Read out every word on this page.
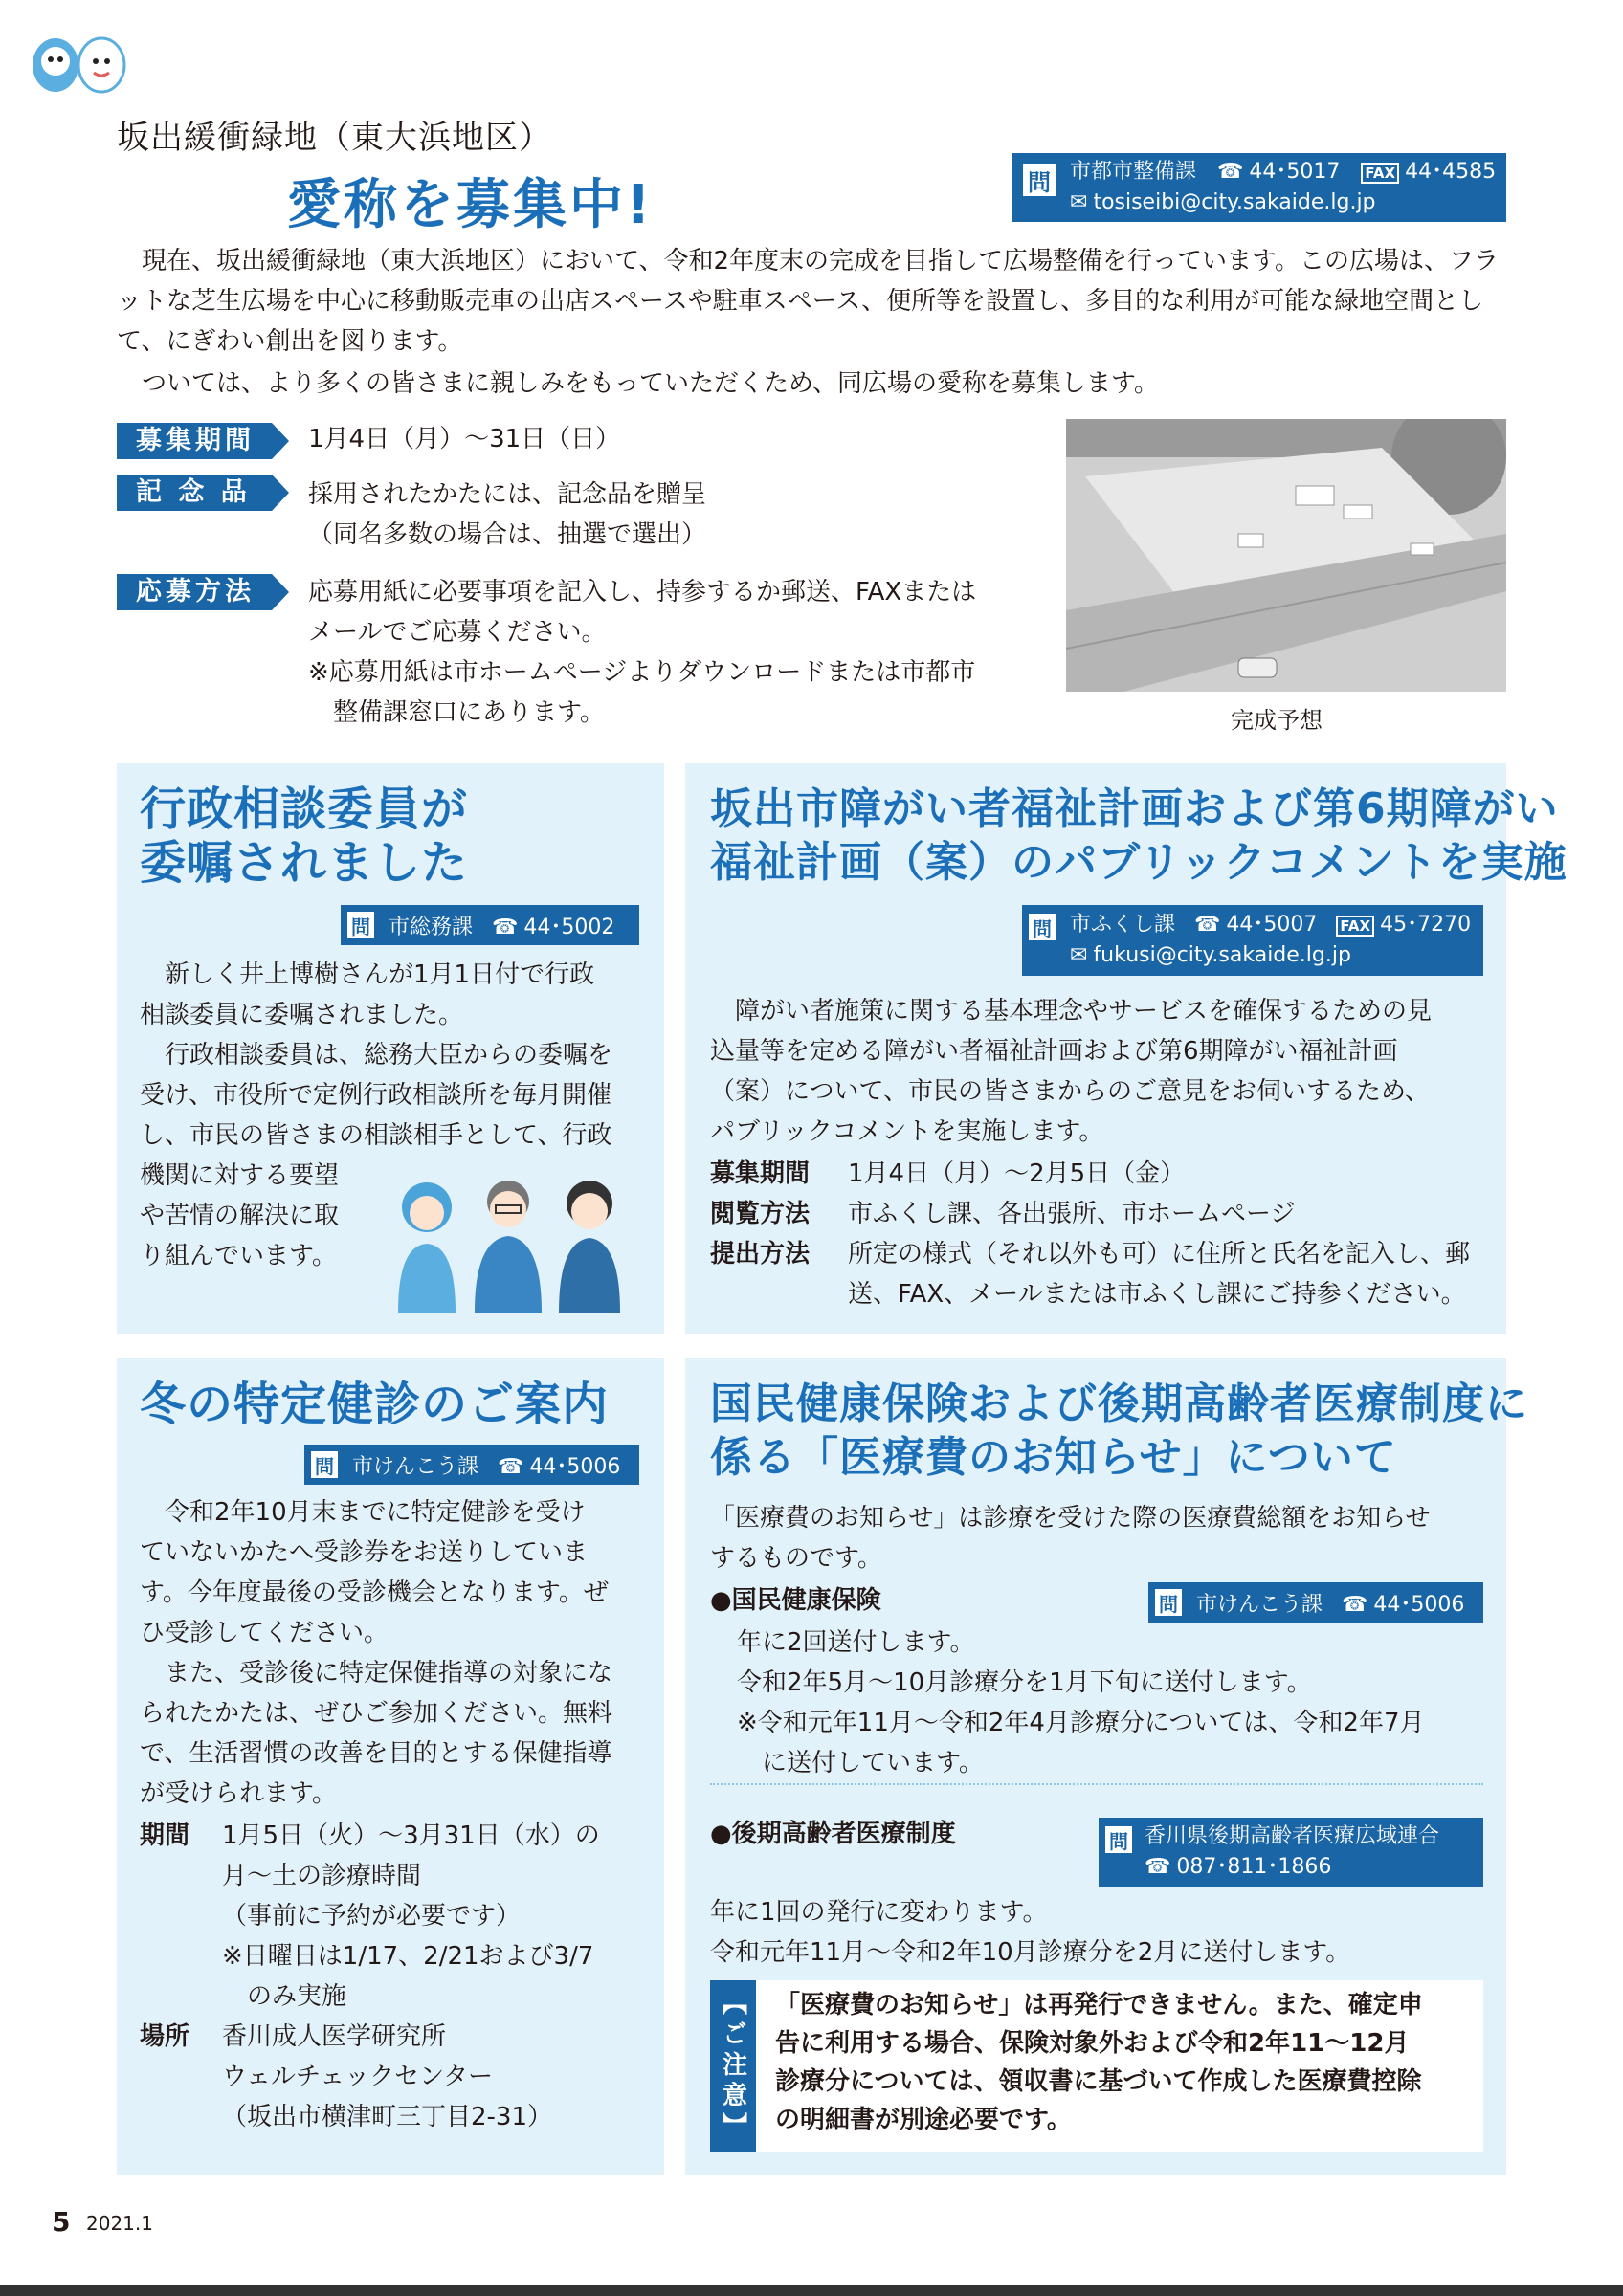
坂出緩衝緑地（東大浜地区）
愛称を募集中!	問 市都市整備課 ☎ 44･5017 FAX 44･4585
✉ tosiseibi@city.sakaide.lg.jp
現在、坂出緩衝緑地（東大浜地区）において、令和2年度末の完成を目指して広場整備を行っています。この広場は、フラットな芝生広場を中心に移動販売車の出店スペースや駐車スペース、便所等を設置し、多目的な利用が可能な緑地空間として、にぎわい創出を図ります。
ついては、より多くの皆さまに親しみをもっていただくため、同広場の愛称を募集します。
募集期間	1月4日（月）～31日（日）
記 念 品	採用されたかたには、記念品を贈呈
（同名多数の場合は、抽選で選出）
応募方法	応募用紙に必要事項を記入し、持参するか郵送、FAXまたは
メールでご応募ください。
※応募用紙は市ホームページよりダウンロードまたは市都市
　整備課窓口にあります。	完成予想
行政相談委員が
委嘱されました
問 市総務課 ☎ 44･5002
　新しく井上博樹さんが1月1日付で行政
相談委員に委嘱されました。
　行政相談委員は、総務大臣からの委嘱を
受け、市役所で定例行政相談所を毎月開催
し、市民の皆さまの相談相手として、行政
機関に対する要望
や苦情の解決に取
り組んでいます。
坂出市障がい者福祉計画および第6期障がい
福祉計画（案）のパブリックコメントを実施
問 市ふくし課 ☎ 44･5007 FAX 45･7270
✉ fukusi@city.sakaide.lg.jp
　障がい者施策に関する基本理念やサービスを確保するための見
込量等を定める障がい者福祉計画および第6期障がい福祉計画
（案）について、市民の皆さまからのご意見をお伺いするため、
パブリックコメントを実施します。
募集期間	1月4日（月）～2月5日（金）
閲覧方法	市ふくし課、各出張所、市ホームページ
提出方法	所定の様式（それ以外も可）に住所と氏名を記入し、郵
送、FAX、メールまたは市ふくし課にご持参ください。
冬の特定健診のご案内
問 市けんこう課 ☎ 44･5006
　令和2年10月末までに特定健診を受け
ていないかたへ受診券をお送りしていま
す。今年度最後の受診機会となります。ぜ
ひ受診してください。
　また、受診後に特定保健指導の対象にな
られたかたは、ぜひご参加ください。無料
で、生活習慣の改善を目的とする保健指導
が受けられます。
期間	1月5日（火）～3月31日（水）の
月～土の診療時間
（事前に予約が必要です）
※日曜日は1/17、2/21および3/7
　のみ実施
場所	香川成人医学研究所
ウェルチェックセンター
（坂出市横津町三丁目2-31）
国民健康保険および後期高齢者医療制度に
係る「医療費のお知らせ」について
「医療費のお知らせ」は診療を受けた際の医療費総額をお知らせ
するものです。
●国民健康保険	問 市けんこう課 ☎ 44･5006
年に2回送付します。
令和2年5月～10月診療分を1月下旬に送付します。
※令和元年11月～令和2年4月診療分については、令和2年7月
　に送付しています。
●後期高齢者医療制度	問 香川県後期高齢者医療広域連合
☎ 087･811･1866
年に1回の発行に変わります。
令和元年11月～令和2年10月診療分を2月に送付します。
【ご注意】	「医療費のお知らせ」は再発行できません。また、確定申
告に利用する場合、保険対象外および令和2年11～12月
診療分については、領収書に基づいて作成した医療費控除
の明細書が別途必要です。
5 2021.1
